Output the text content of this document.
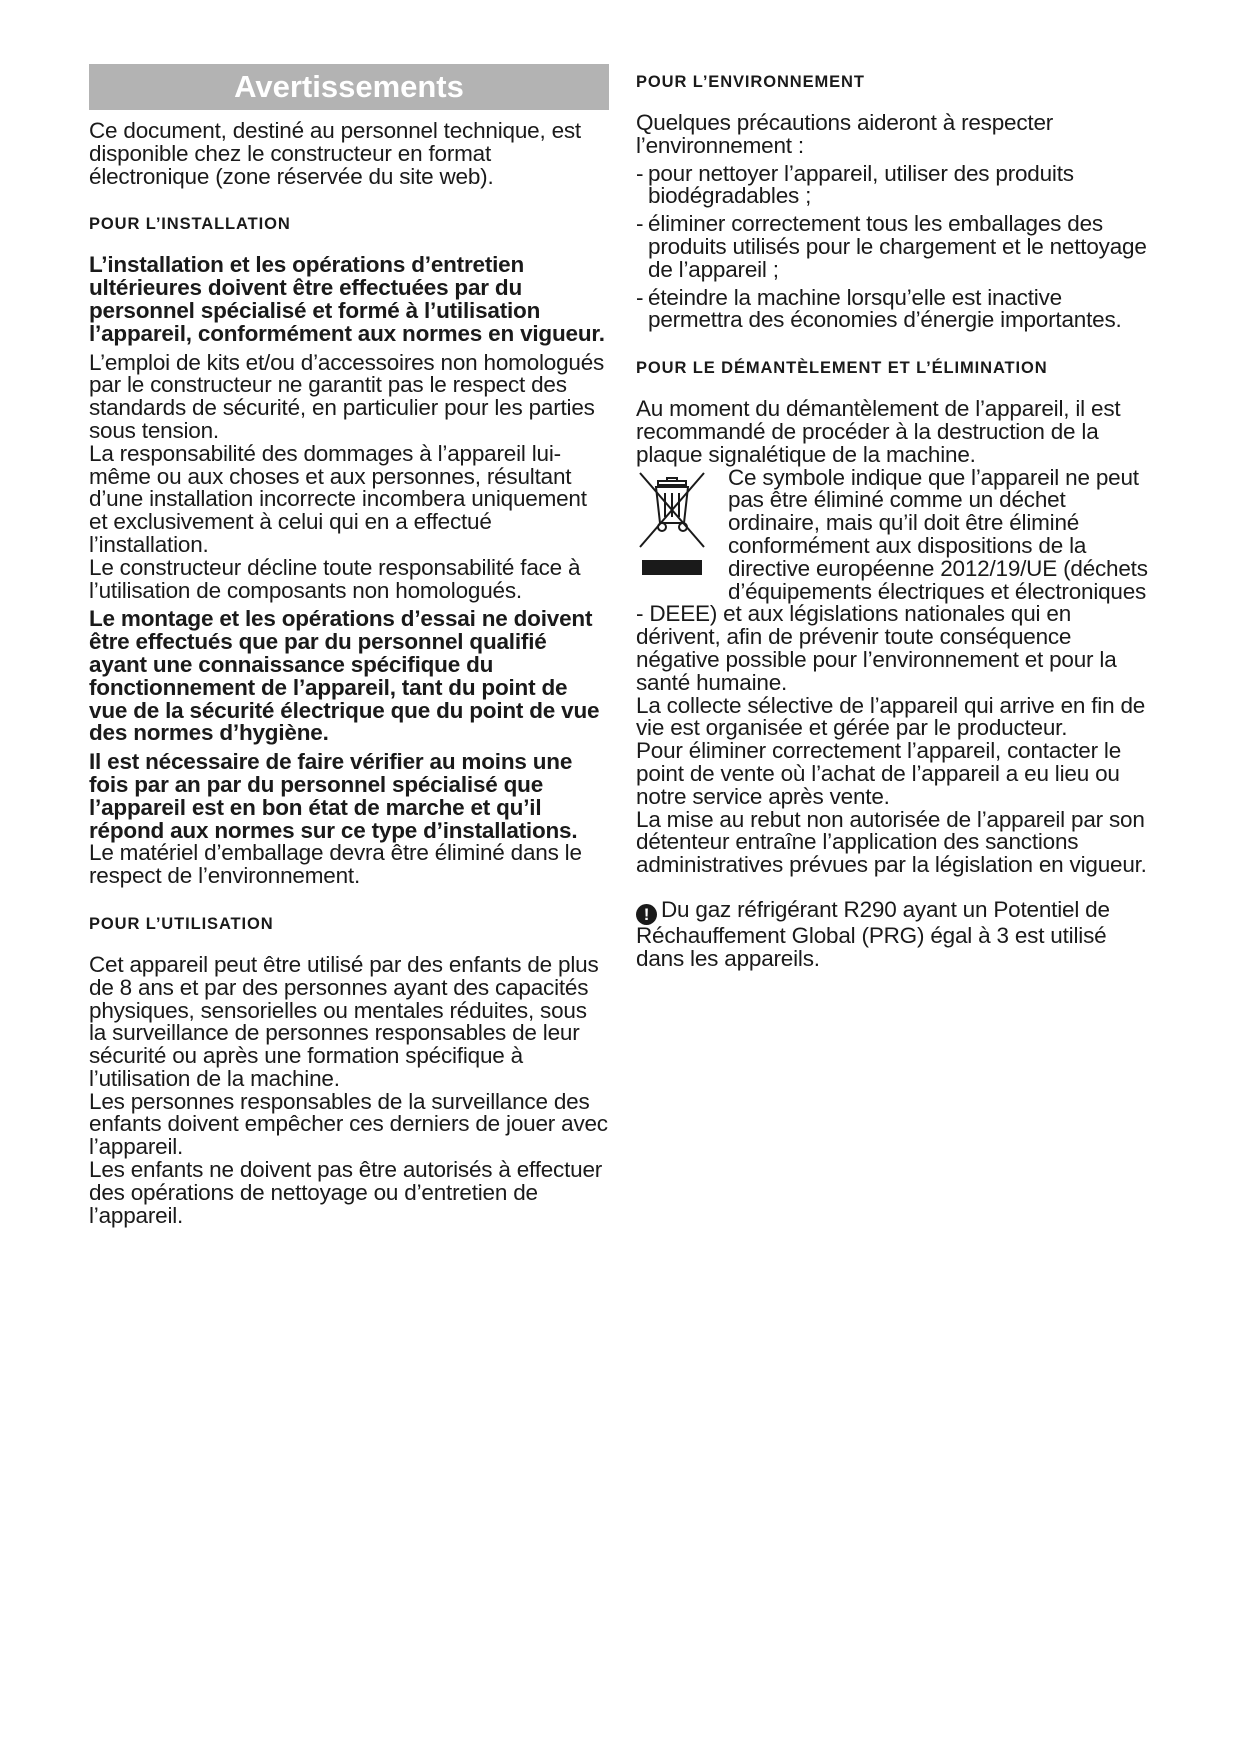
Avertissements

Ce document, destiné au personnel technique, est disponible chez le constructeur en format électronique (zone réservée du site web).

POUR L’INSTALLATION

L’installation et les opérations d’entretien ultérieures doivent être effectuées par du personnel spécialisé et formé à l’utilisation l’appareil, conformément aux normes en vigueur.

L’emploi de kits et/ou d’accessoires non homologués par le constructeur ne garantit pas le respect des standards de sécurité, en particulier pour les parties sous tension.

La responsabilité des dommages à l’appareil lui-même ou aux choses et aux personnes, résultant d’une installation incorrecte incombera uniquement et exclusivement à celui qui en a effectué l’installation.

Le constructeur décline toute responsabilité face à l’utilisation de composants non homologués.

Le montage et les opérations d’essai ne doivent être effectués que par du personnel qualifié ayant une connaissance spécifique du fonctionnement de l’appareil, tant du point de vue de la sécurité électrique que du point de vue des normes d’hygiène.

Il est nécessaire de faire vérifier au moins une fois par an par du personnel spécialisé que l’appareil est en bon état de marche et qu’il répond aux normes sur ce type d’installations.

Le matériel d’emballage devra être éliminé dans le respect de l’environnement.

POUR L’UTILISATION

Cet appareil peut être utilisé par des enfants de plus de 8 ans et par des personnes ayant des capacités physiques, sensorielles ou mentales réduites, sous la surveillance de personnes responsables de leur sécurité ou après une formation spécifique à l’utilisation de la machine.

Les personnes responsables de la surveillance des enfants doivent empêcher ces derniers de jouer avec l’appareil.

Les enfants ne doivent pas être autorisés à effectuer des opérations de nettoyage ou d’entretien de l’appareil.

POUR L’ENVIRONNEMENT

Quelques précautions aideront à respecter l’environnement :

- pour nettoyer l’appareil, utiliser des produits biodégradables ;
- éliminer correctement tous les emballages des produits utilisés pour le chargement et le nettoyage de l’appareil ;
- éteindre la machine lorsqu’elle est inactive permettra des économies d’énergie importantes.
POUR LE DÉMANTÈLEMENT ET L’ÉLIMINATION

Au moment du démantèlement de l’appareil, il est recommandé de procéder à la destruction de la plaque signalétique de la machine.

Ce symbole indique que l’appareil ne peut pas être éliminé comme un déchet ordinaire, mais qu’il doit être éliminé conformément aux dispositions de la directive européenne 2012/19/UE (déchets d’équipements électriques et électroniques - DEEE) et aux législations nationales qui en dérivent, afin de prévenir toute conséquence négative possible pour l’environnement et pour la santé humaine.

La collecte sélective de l’appareil qui arrive en fin de vie est organisée et gérée par le producteur.

Pour éliminer correctement l’appareil, contacter le point de vente où l’achat de l’appareil a eu lieu ou notre service après vente.

La mise au rebut non autorisée de l’appareil par son détenteur entraîne l’application des sanctions administratives prévues par la législation en vigueur.

! Du gaz réfrigérant R290 ayant un Potentiel de Réchauffement Global (PRG) égal à 3 est utilisé dans les appareils.
